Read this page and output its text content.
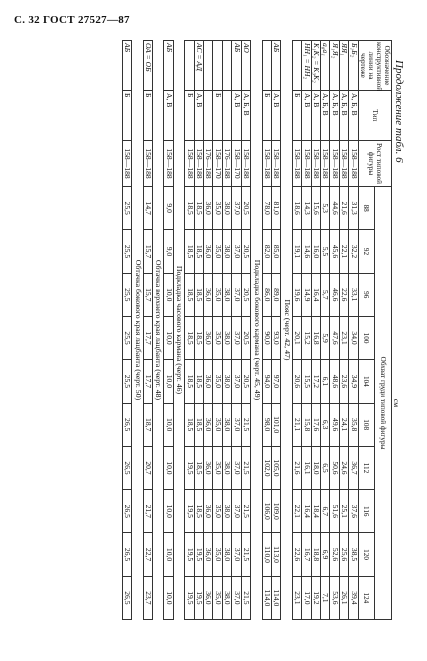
С. 32 ГОСТ 27527—87
Продолжение табл. 6
			см									
Обозначение конструктивной линии на чертеже	Тип	Рост типовой фигуры	Обхват груди типовой фигуры									
			88	92	96	100	104	108	112	116	120	124
Б₁Б₂	А, Б, В	158—188	31,3	32,2	33,1	34,0	34,9	35,8	36,7	37,6	38,5	39,4
ЯЯ₁	А, Б, В	158—188	21,6	22,1	22,6	23,1	23,6	24,1	24,6	25,1	25,6	26,1
Я₁Я₂	А, Б, В	158—188	44,6	45,6	46,6	47,6	48,6	49,6	50,6	51,6	52,6	53,6
a₀a₁	А, Б, В	158—188	5,3	5,5	5,7	5,9	6,1	6,3	6,5	6,7	6,9	7,1
К₁К₂ = К₃К₂	А, В	158—188	15,6	16,0	16,4	16,8	17,2	17,6	18,0	18,4	18,8	19,2
НН₁ = НН₂	А, В	158—188	14,3	14,6	14,9	15,2	15,5	15,8	16,1	16,4	16,7	17,0
	Б	158—188	18,6	19,1	19,6	20,1	20,6	21,1	21,6	22,1	22,6	23,1
Пояс (черт. 42, 47)												
АБ	А, В	158—188	81,0	85,0	89,0	93,0	97,0	101,0	105,0	109,0	113,0	114,0
	Б	158—188	78,0	82,0	86,0	90,0	94,0	98,0	102,0	106,0	110,0	114,0
Подкладка бокового кармана (черт. 45, 49)												
АО	А, Б, В	158—188	20,5	20,5	20,5	20,5	20,5	21,5	21,5	21,5	21,5	21,5
АБ	А, В	158—170	37,0	37,0	37,0	37,0	37,0	37,0	37,0	37,0	37,0	37,0
		176—188	38,0	38,0	38,0	38,0	38,0	38,0	38,0	38,0	38,0	38,0
	Б	158—170	35,0	35,0	35,0	35,0	35,0	35,0	35,0	35,0	35,0	35,0
		176—188	36,0	36,0	36,0	36,0	36,0	36,0	36,0	36,0	36,0	36,0
АС = АД	А, В	158—188	18,5	18,5	18,5	18,5	18,5	18,5	18,5	18,5	19,5	19,5
	Б	158—188	18,5	18,5	18,5	18,5	18,5	18,5	19,5	19,5	19,5	19,5
Подкладка часового кармана (черт. 46)												
АБ	А, В	158—188	9,0	9,0	10,0	10,0	10,0	10,0	10,0	10,0	10,0	10,0
Обтачка верхнего края лацбанта (черт. 48)												
ОА = ОБ	Б	158—188	14,7	15,7	15,7	17,7	17,7	18,7	20,7	21,7	22,7	23,7
Обтачка бокового края лацбанта (черт. 50)												
АБ	Б	158—188	25,5	25,5	25,5	25,5	25,5	26,5	26,5	26,5	26,5	26,5
